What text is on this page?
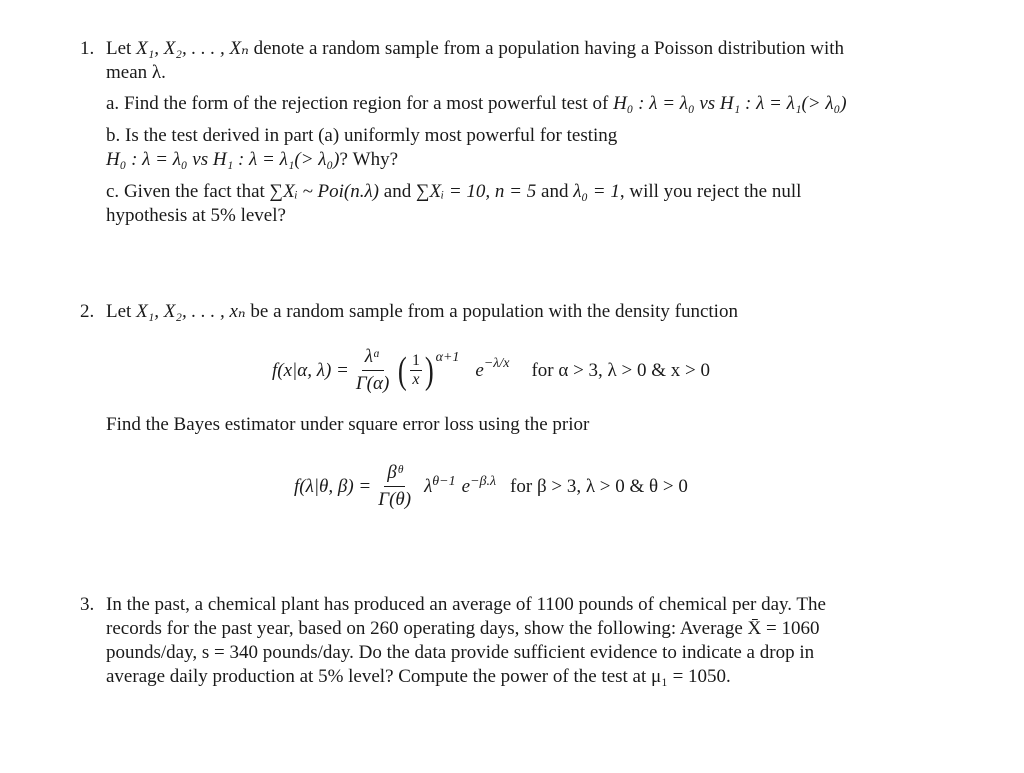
1. Let X₁, X₂, . . . , Xₙ denote a random sample from a population having a Poisson distribution with

mean λ.

a. Find the form of the rejection region for a most powerful test of H₀ : λ = λ₀ vs H₁ : λ = λ₁(> λ₀)

b. Is the test derived in part (a) uniformly most powerful for testing

H₀ : λ = λ₀ vs H₁ : λ = λ₁(> λ₀)? Why?

c. Given the fact that ∑Xᵢ ~ Poi(n.λ) and ∑Xᵢ = 10, n = 5 and λ₀ = 1, will you reject the null

hypothesis at 5% level?

2. Let X₁, X₂, . . . , xₙ be a random sample from a population with the density function

f(x|α, $\lambda) = \frac{\text{λᵅ}}{\Gamma(\alpha)}$ ( $\frac{1}{x}$ ) α+1
e −λ/x for α > 3, λ > 0 & x > 0

Find the Bayes estimator under square error loss using the prior

f(λ|θ, $\beta) = \frac{\text{βᶿ}}{\Gamma(\theta)}$ λ θ−1 e −β.λ for β > 3, λ > 0 & θ > 0
3. In the past, a chemical plant has produced an average of 1100 pounds of chemical per day. The

records for the past year, based on 260 operating days, show the following: Average X̄ = 1060

pounds/day, s = 340 pounds/day. Do the data provide sufficient evidence to indicate a drop in

average daily production at 5% level? Compute the power of the test at μ₁ = 1050.
